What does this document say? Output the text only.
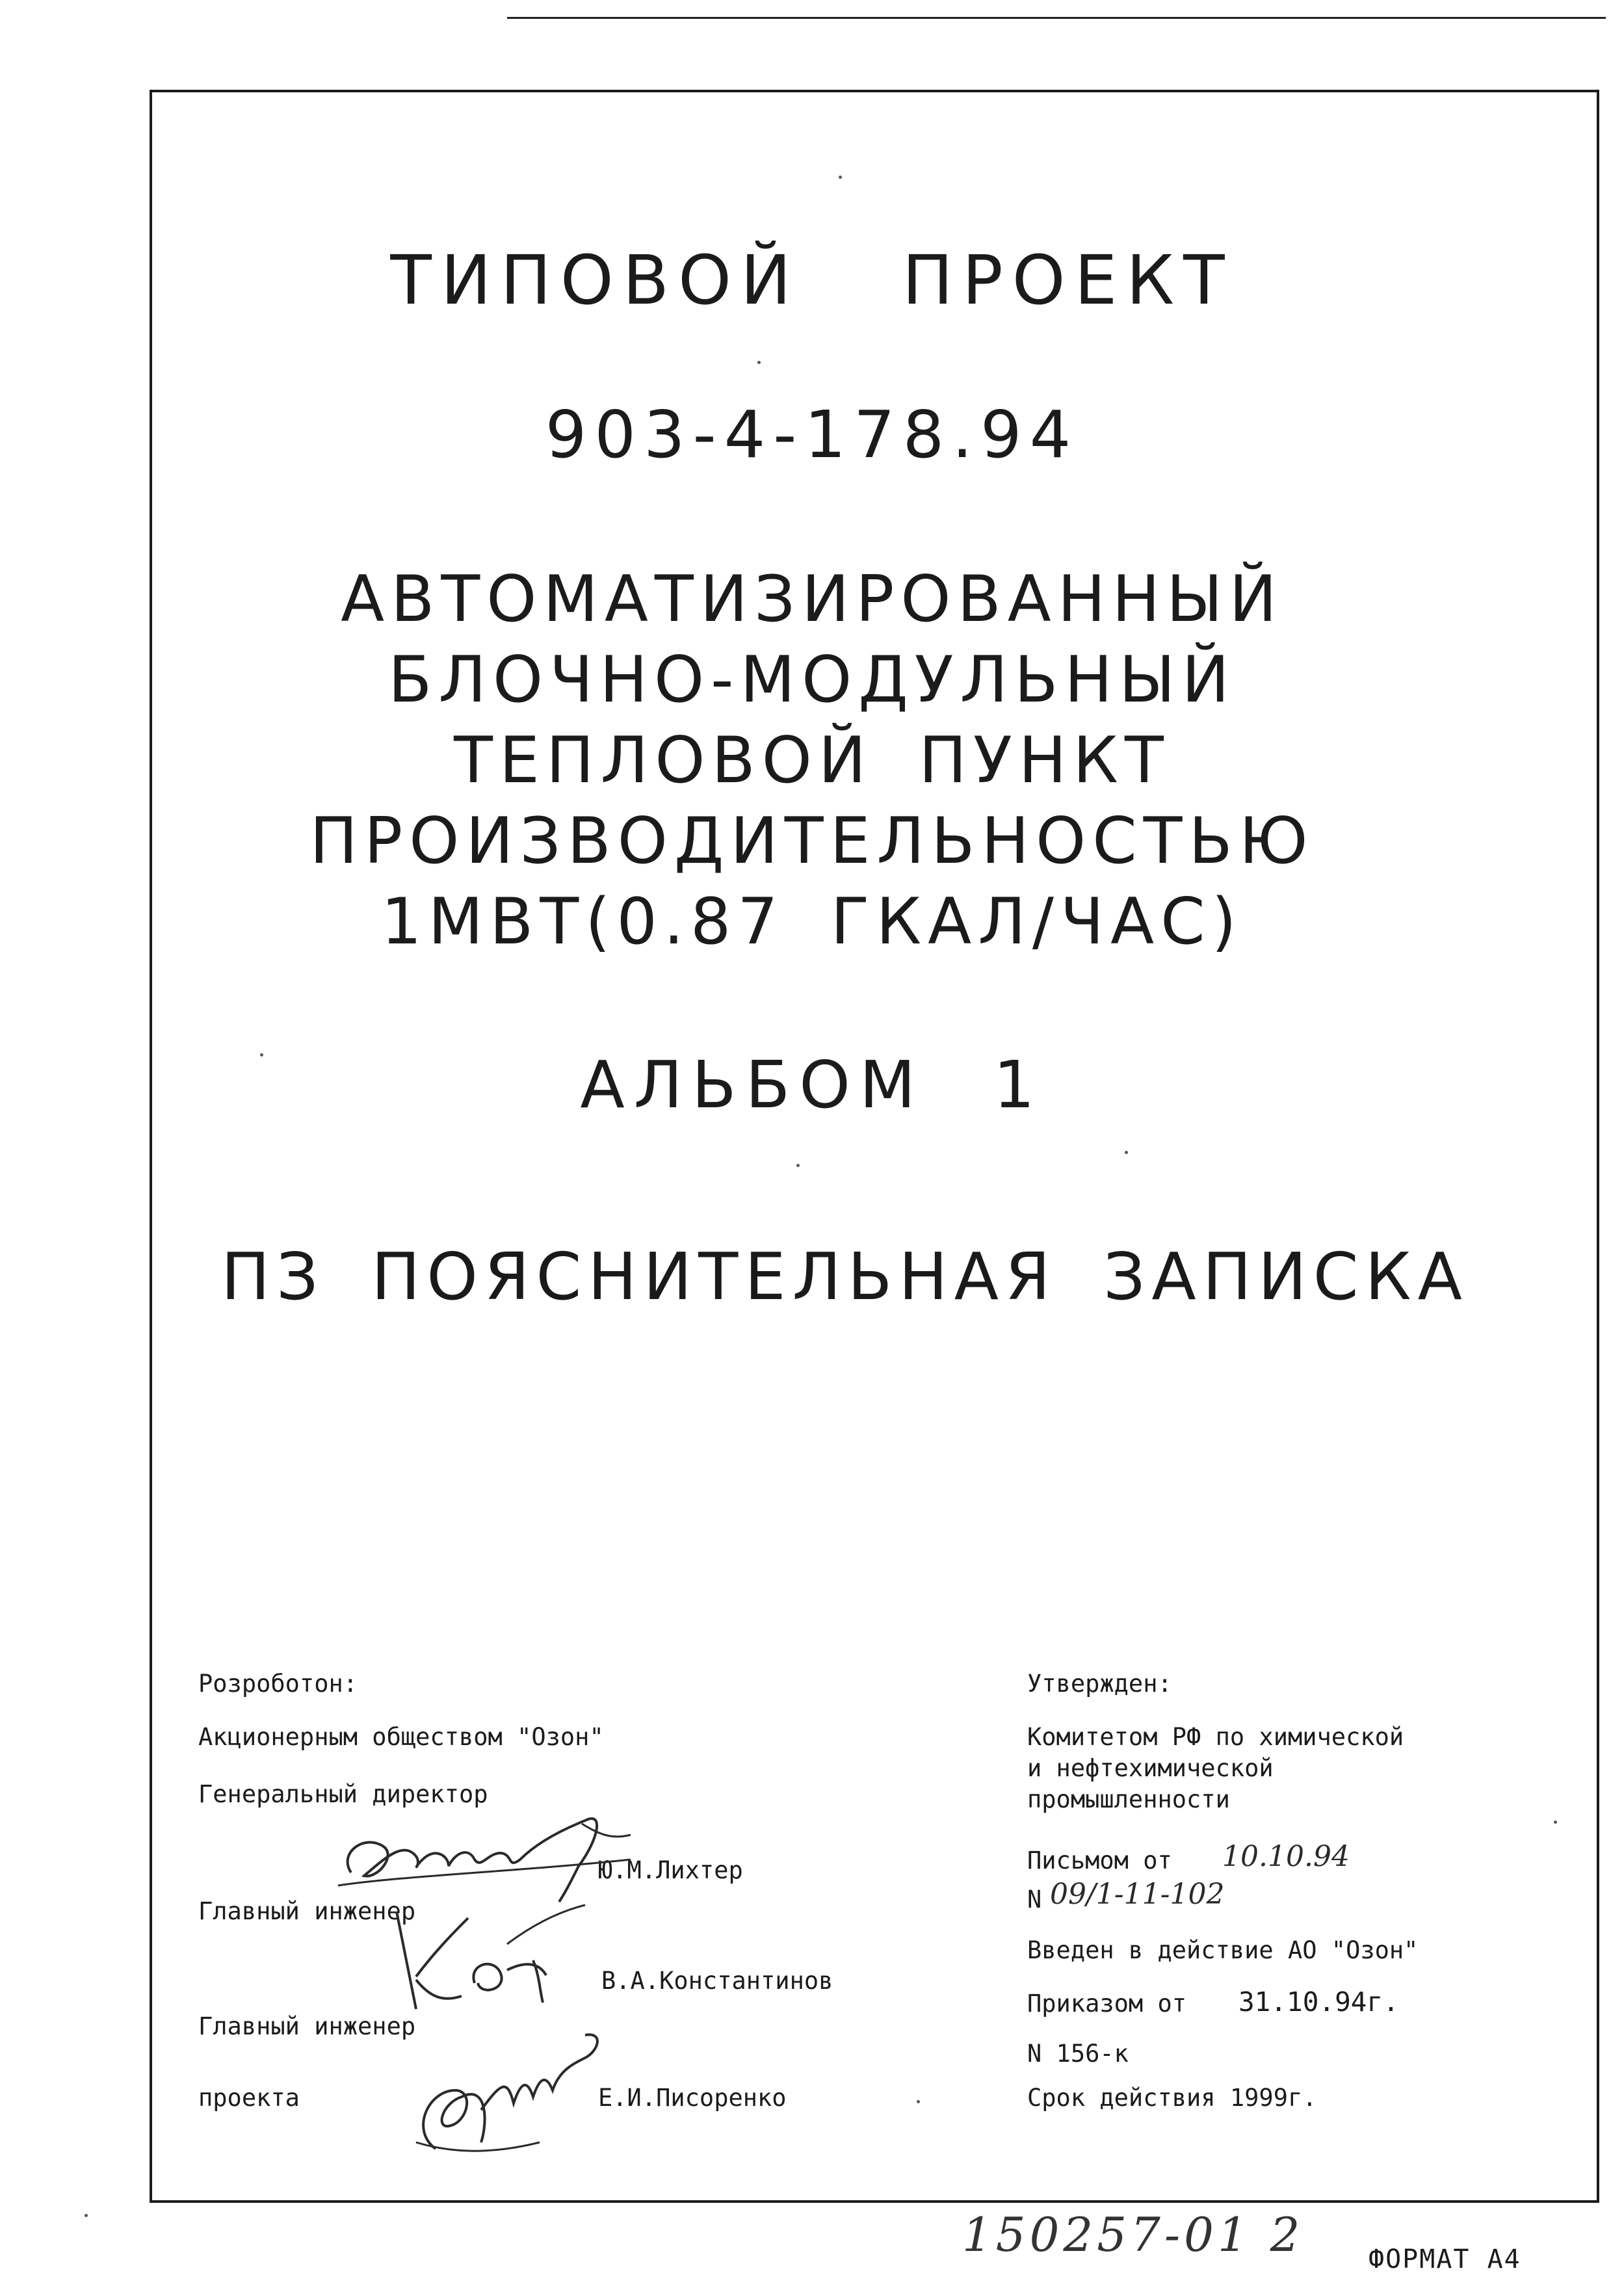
ТИПОВОЙ ПРОЕКТ
903-4-178.94
АВТОМАТИЗИРОВАННЫЙ
БЛОЧНО-МОДУЛЬНЫЙ
ТЕПЛОВОЙ ПУНКТ
ПРОИЗВОДИТЕЛЬНОСТЬЮ
1МВТ(0.87 ГКАЛ/ЧАС)
АЛЬБОМ 1
ПЗ ПОЯСНИТЕЛЬНАЯ ЗАПИСКА
Розроботон:
Акционерным обществом "Озон"
Генеральный директор
Ю.М.Лихтер
Главный инженер
В.А.Константинов
Главный инженер
проекта	Е.И.Писоренко
Утвержден:
Комитетом РФ по химической
и нефтехимической
промышленности
Письмом от 10.10.94
N 09/1-11-102
Введен в действие АО "Озон"
Приказом от 31.10.94г.
N 156-к
Срок действия 1999г.
150257-01 2 ФОРМАТ А4
